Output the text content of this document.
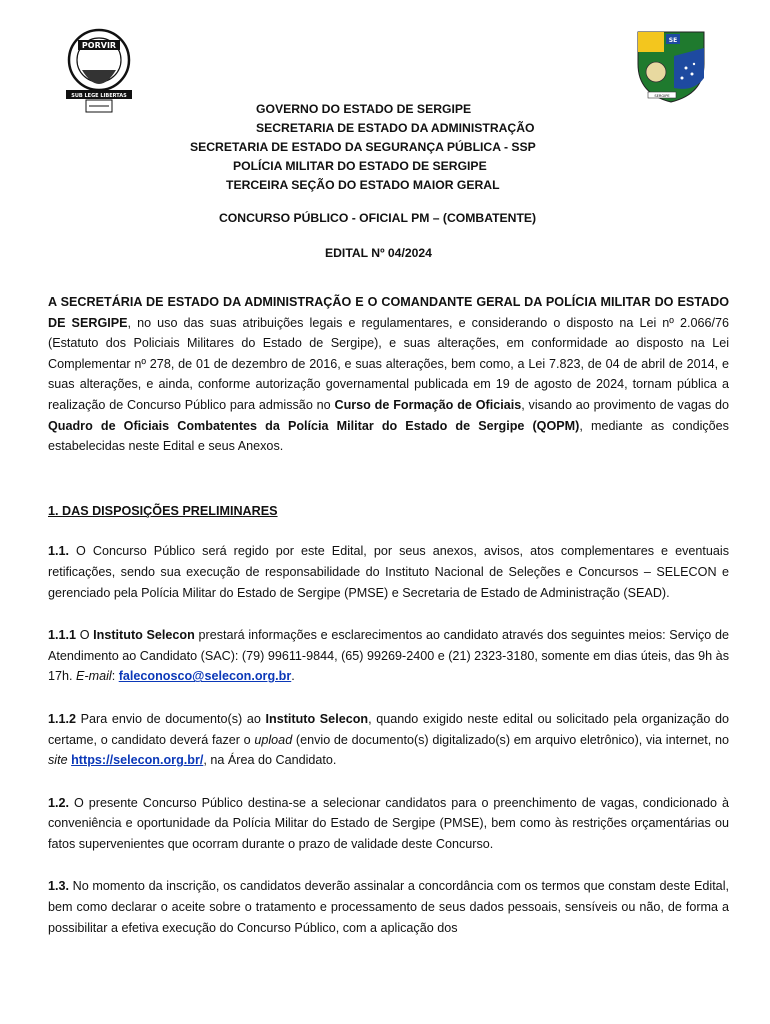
PORVIR
SUB LEGE LIBERTAS
SE
SERGIPE
GOVERNO DO ESTADO DE SERGIPE
SECRETARIA DE ESTADO DA ADMINISTRAÇÃO
SECRETARIA DE ESTADO DA SEGURANÇA PÚBLICA - SSP
POLÍCIA MILITAR DO ESTADO DE SERGIPE
TERCEIRA SEÇÃO DO ESTADO MAIOR GERAL
CONCURSO PÚBLICO - OFICIAL PM – (COMBATENTE)
EDITAL Nº 04/2024

A SECRETÁRIA DE ESTADO DA ADMINISTRAÇÃO E O COMANDANTE GERAL DA POLÍCIA MILITAR DO ESTADO DE SERGIPE, no uso das suas atribuições legais e regulamentares, e considerando o disposto na Lei nº 2.066/76 (Estatuto dos Policiais Militares do Estado de Sergipe), e suas alterações, em conformidade ao disposto na Lei Complementar nº 278, de 01 de dezembro de 2016, e suas alterações, bem como, a Lei 7.823, de 04 de abril de 2014, e suas alterações, e ainda, conforme autorização governamental publicada em 19 de agosto de 2024, tornam pública a realização de Concurso Público para admissão no Curso de Formação de Oficiais, visando ao provimento de vagas do Quadro de Oficiais Combatentes da Polícia Militar do Estado de Sergipe (QOPM), mediante as condições estabelecidas neste Edital e seus Anexos.

1. DAS DISPOSIÇÕES PRELIMINARES

1.1. O Concurso Público será regido por este Edital, por seus anexos, avisos, atos complementares e eventuais retificações, sendo sua execução de responsabilidade do Instituto Nacional de Seleções e Concursos – SELECON e gerenciado pela Polícia Militar do Estado de Sergipe (PMSE) e Secretaria de Estado de Administração (SEAD).

1.1.1 O Instituto Selecon prestará informações e esclarecimentos ao candidato através dos seguintes meios: Serviço de Atendimento ao Candidato (SAC): (79) 99611-9844, (65) 99269-2400 e (21) 2323-3180, somente em dias úteis, das 9h às 17h. E-mail: faleconosco@selecon.org.br.

1.1.2 Para envio de documento(s) ao Instituto Selecon, quando exigido neste edital ou solicitado pela organização do certame, o candidato deverá fazer o upload (envio de documento(s) digitalizado(s) em arquivo eletrônico), via internet, no site https://selecon.org.br/, na Área do Candidato.

1.2. O presente Concurso Público destina-se a selecionar candidatos para o preenchimento de vagas, condicionado à conveniência e oportunidade da Polícia Militar do Estado de Sergipe (PMSE), bem como às restrições orçamentárias ou fatos supervenientes que ocorram durante o prazo de validade deste Concurso.

1.3. No momento da inscrição, os candidatos deverão assinalar a concordância com os termos que constam deste Edital, bem como declarar o aceite sobre o tratamento e processamento de seus dados pessoais, sensíveis ou não, de forma a possibilitar a efetiva execução do Concurso Público, com a aplicação dos
